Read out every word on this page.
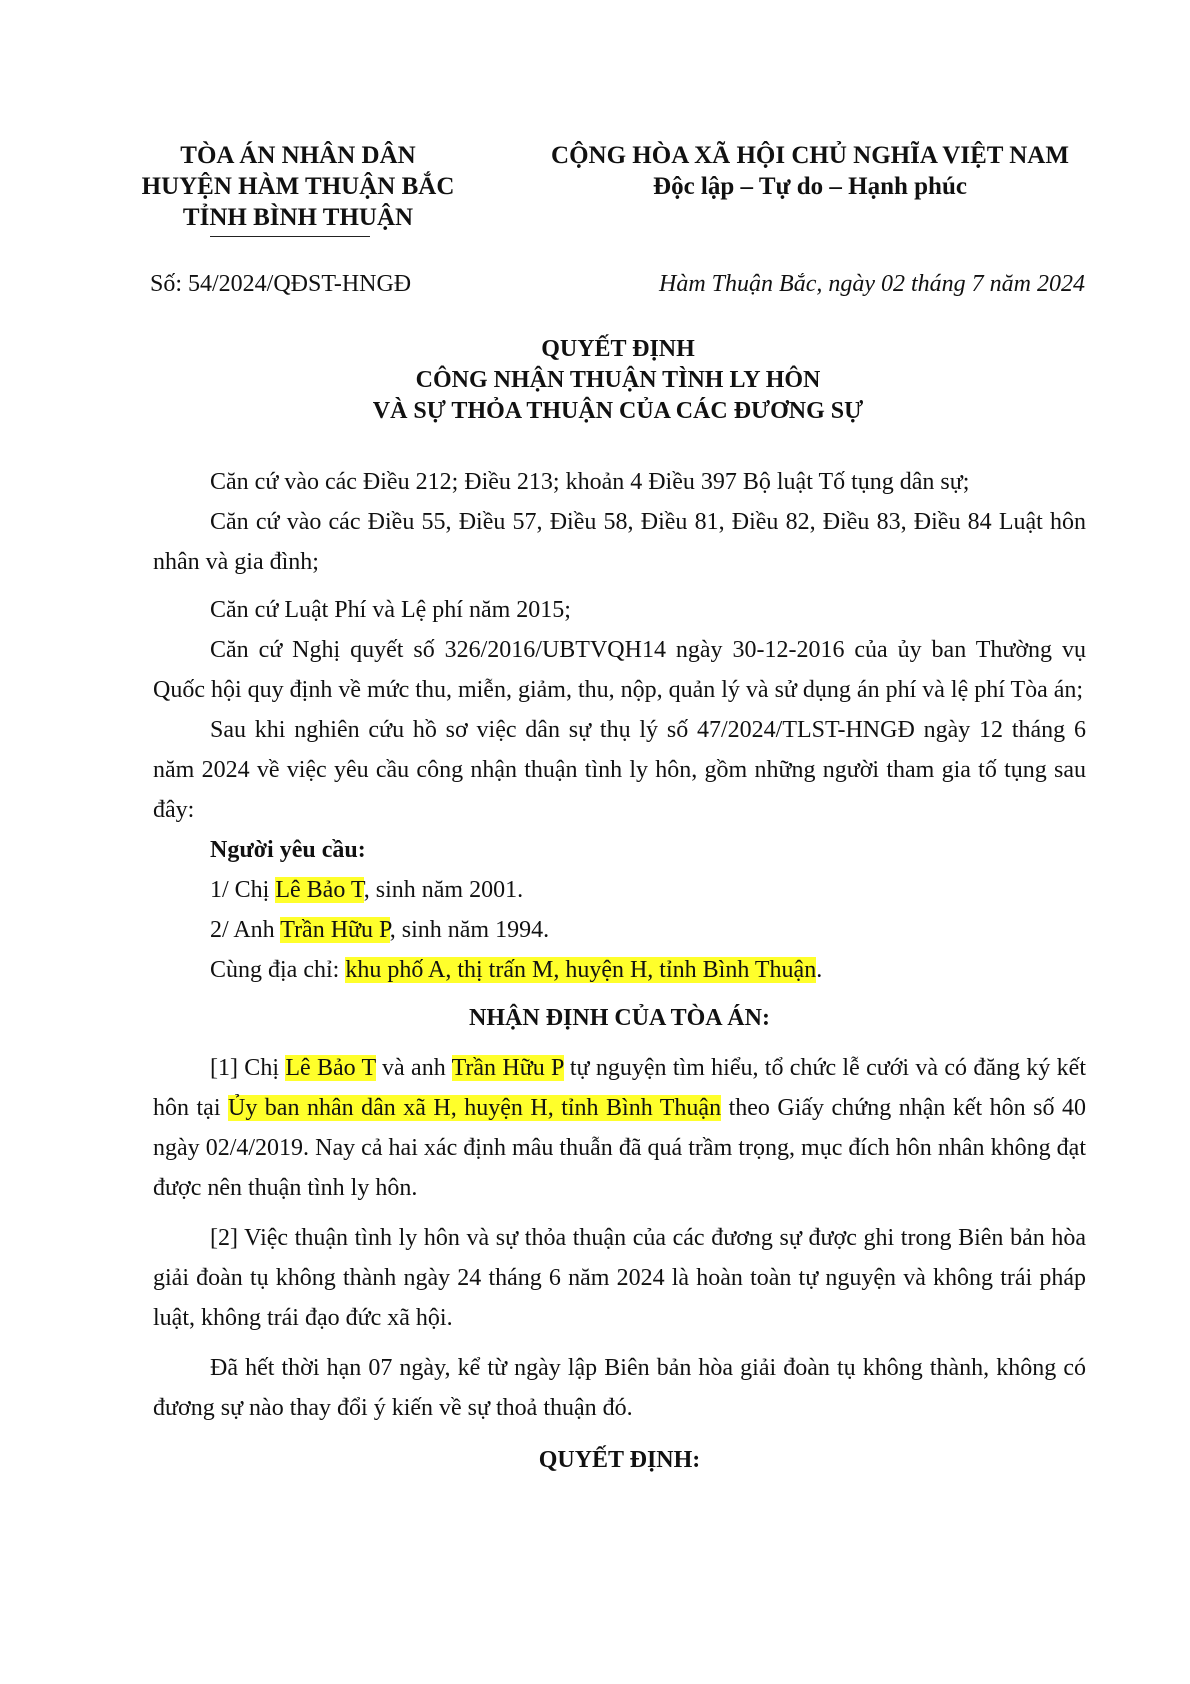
TÒA ÁN NHÂN DÂN
HUYỆN HÀM THUẬN BẮC
TỈNH BÌNH THUẬN
CỘNG HÒA XÃ HỘI CHỦ NGHĨA VIỆT NAM
Độc lập – Tự do – Hạnh phúc
Số: 54/2024/QĐST-HNGĐ	Hàm Thuận Bắc, ngày 02 tháng 7 năm 2024
QUYẾT ĐỊNH
CÔNG NHẬN THUẬN TÌNH LY HÔN
VÀ SỰ THỎA THUẬN CỦA CÁC ĐƯƠNG SỰ

Căn cứ vào các Điều 212; Điều 213; khoản 4 Điều 397 Bộ luật Tố tụng dân sự;

Căn cứ vào các Điều 55, Điều 57, Điều 58, Điều 81, Điều 82, Điều 83, Điều 84 Luật hôn nhân và gia đình;

Căn cứ Luật Phí và Lệ phí năm 2015;

Căn cứ Nghị quyết số 326/2016/UBTVQH14 ngày 30-12-2016 của ủy ban Thường vụ Quốc hội quy định về mức thu, miễn, giảm, thu, nộp, quản lý và sử dụng án phí và lệ phí Tòa án;

Sau khi nghiên cứu hồ sơ việc dân sự thụ lý số 47/2024/TLST-HNGĐ ngày 12 tháng 6 năm 2024 về việc yêu cầu công nhận thuận tình ly hôn, gồm những người tham gia tố tụng sau đây:

Người yêu cầu:

1/ Chị Lê Bảo T, sinh năm 2001.

2/ Anh Trần Hữu P, sinh năm 1994.

Cùng địa chỉ: khu phố A, thị trấn M, huyện H, tỉnh Bình Thuận.

NHẬN ĐỊNH CỦA TÒA ÁN:

[1] Chị Lê Bảo T và anh Trần Hữu P tự nguyện tìm hiểu, tổ chức lễ cưới và có đăng ký kết hôn tại Ủy ban nhân dân xã H, huyện H, tỉnh Bình Thuận theo Giấy chứng nhận kết hôn số 40 ngày 02/4/2019. Nay cả hai xác định mâu thuẫn đã quá trầm trọng, mục đích hôn nhân không đạt được nên thuận tình ly hôn.

[2] Việc thuận tình ly hôn và sự thỏa thuận của các đương sự được ghi trong Biên bản hòa giải đoàn tụ không thành ngày 24 tháng 6 năm 2024 là hoàn toàn tự nguyện và không trái pháp luật, không trái đạo đức xã hội.

Đã hết thời hạn 07 ngày, kể từ ngày lập Biên bản hòa giải đoàn tụ không thành, không có đương sự nào thay đổi ý kiến về sự thoả thuận đó.

QUYẾT ĐỊNH:
